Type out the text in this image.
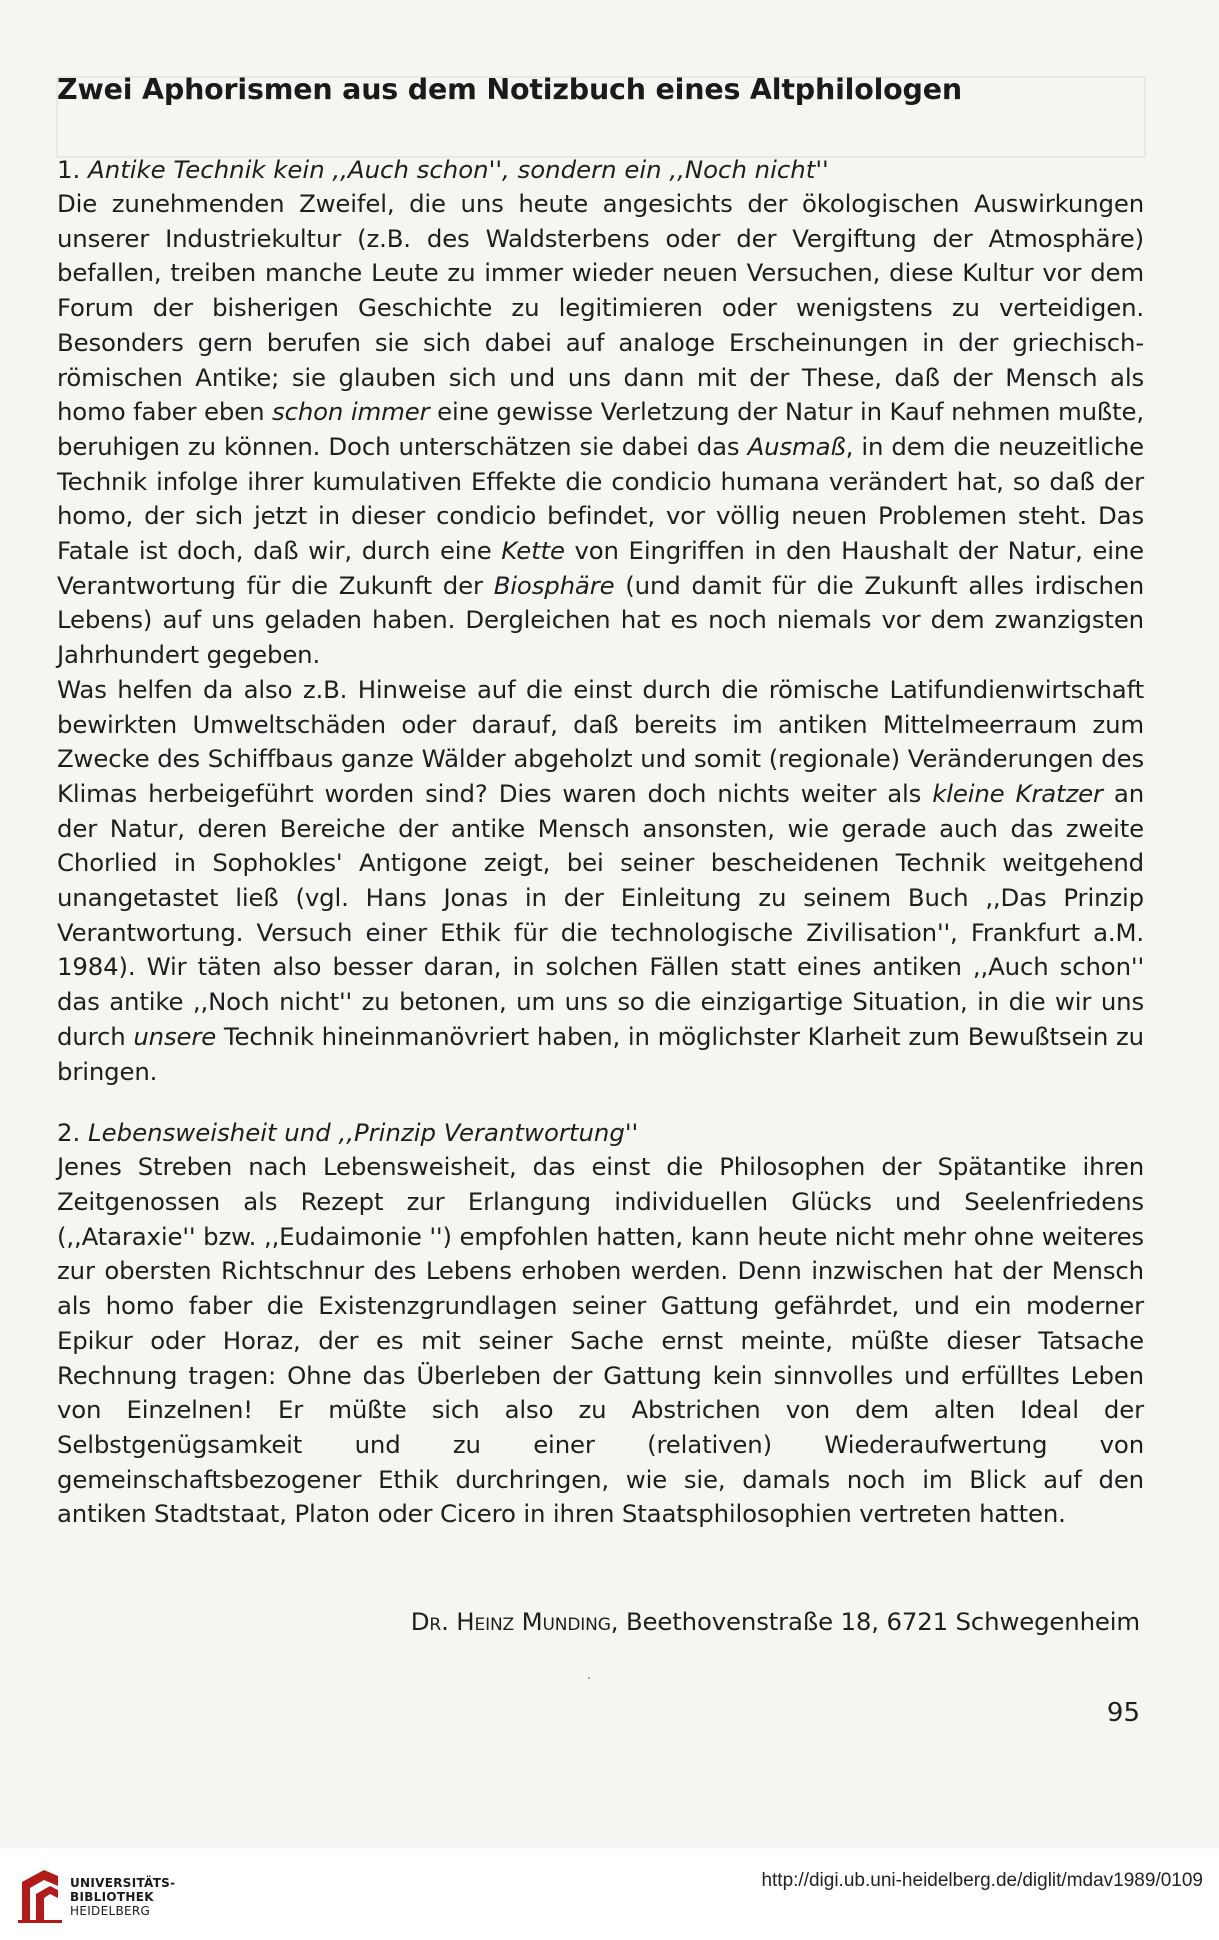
Zwei Aphorismen aus dem Notizbuch eines Altphilologen
1. Antike Technik kein ,,Auch schon'', sondern ein ,,Noch nicht''
Die zunehmenden Zweifel, die uns heute angesichts der ökologischen Auswirkungen unserer Industriekultur (z.B. des Waldsterbens oder der Vergiftung der Atmosphäre) befallen, treiben manche Leute zu immer wieder neuen Versuchen, diese Kultur vor dem Forum der bisherigen Geschichte zu legitimieren oder wenigstens zu verteidigen. Besonders gern berufen sie sich dabei auf analoge Erscheinungen in der griechisch-römischen Antike; sie glauben sich und uns dann mit der These, daß der Mensch als homo faber eben schon immer eine gewisse Verletzung der Natur in Kauf nehmen mußte, beruhigen zu können. Doch unterschätzen sie dabei das Ausmaß, in dem die neuzeitliche Technik infolge ihrer kumulativen Effekte die condicio humana verändert hat, so daß der homo, der sich jetzt in dieser condicio befindet, vor völlig neuen Problemen steht. Das Fatale ist doch, daß wir, durch eine Kette von Eingriffen in den Haushalt der Natur, eine Verantwortung für die Zukunft der Biosphäre (und damit für die Zukunft alles irdischen Lebens) auf uns geladen haben. Dergleichen hat es noch niemals vor dem zwanzigsten Jahrhundert gegeben.
Was helfen da also z.B. Hinweise auf die einst durch die römische Latifundienwirtschaft bewirkten Umweltschäden oder darauf, daß bereits im antiken Mittelmeerraum zum Zwecke des Schiffbaus ganze Wälder abgeholzt und somit (regionale) Veränderungen des Klimas herbeigeführt worden sind? Dies waren doch nichts weiter als kleine Kratzer an der Natur, deren Bereiche der antike Mensch ansonsten, wie gerade auch das zweite Chorlied in Sophokles' Antigone zeigt, bei seiner bescheidenen Technik weitgehend unangetastet ließ (vgl. Hans Jonas in der Einleitung zu seinem Buch ,,Das Prinzip Verantwortung. Versuch einer Ethik für die technologische Zivilisation'', Frankfurt a.M. 1984). Wir täten also besser daran, in solchen Fällen statt eines antiken ,,Auch schon'' das antike ,,Noch nicht'' zu betonen, um uns so die einzigartige Situation, in die wir uns durch unsere Technik hineinmanövriert haben, in möglichster Klarheit zum Bewußtsein zu bringen.
2. Lebensweisheit und ,,Prinzip Verantwortung''
Jenes Streben nach Lebensweisheit, das einst die Philosophen der Spätantike ihren Zeitgenossen als Rezept zur Erlangung individuellen Glücks und Seelenfriedens (,,Ataraxie'' bzw. ,,Eudaimonie '') empfohlen hatten, kann heute nicht mehr ohne weiteres zur obersten Richtschnur des Lebens erhoben werden. Denn inzwischen hat der Mensch als homo faber die Existenzgrundlagen seiner Gattung gefährdet, und ein moderner Epikur oder Horaz, der es mit seiner Sache ernst meinte, müßte dieser Tatsache Rechnung tragen: Ohne das Überleben der Gattung kein sinnvolles und erfülltes Leben von Einzelnen! Er müßte sich also zu Abstrichen von dem alten Ideal der Selbstgenügsamkeit und zu einer (relativen) Wiederaufwertung von gemeinschaftsbezogener Ethik durchringen, wie sie, damals noch im Blick auf den antiken Stadtstaat, Platon oder Cicero in ihren Staatsphilosophien vertreten hatten.
Dr. Heinz Munding, Beethovenstraße 18, 6721 Schwegenheim
95
UNIVERSITÄTS-
BIBLIOTHEK
HEIDELBERG
http://digi.ub.uni-heidelberg.de/diglit/mdav1989/0109
